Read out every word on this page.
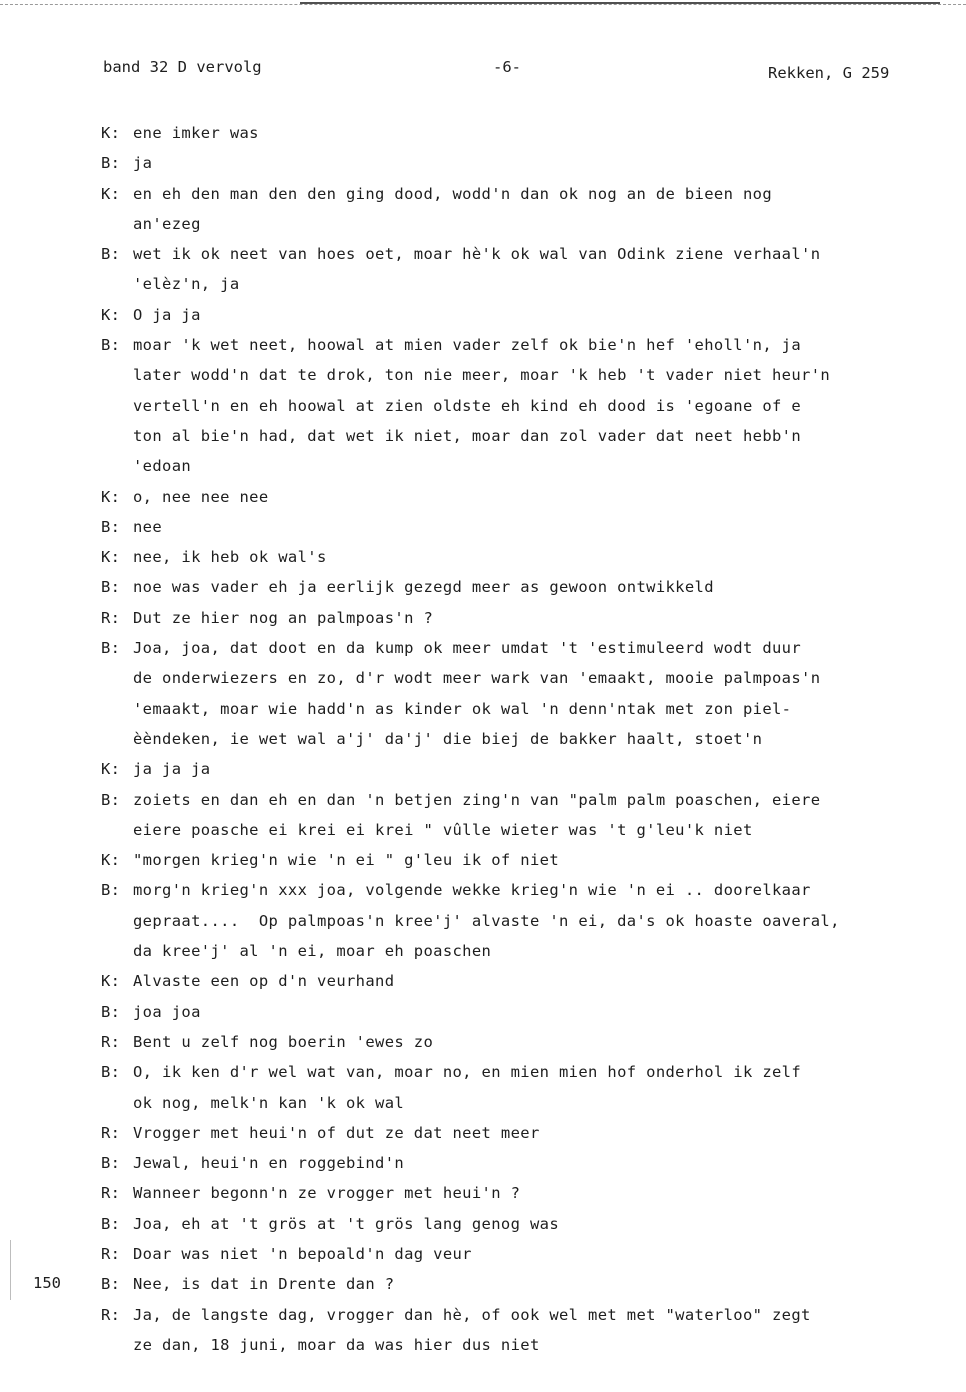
band 32 D vervolg	-6-	Rekken, G 259
150
K: ene imker was
B: ja
K: en eh den man den den ging dood, wodd'n dan ok nog an de bieen nog
an'ezeg
B: wet ik ok neet van hoes oet, moar hè'k ok wal van Odink ziene verhaal'n
'elèz'n, ja
K: O ja ja
B: moar 'k wet neet, hoowal at mien vader zelf ok bie'n hef 'eholl'n, ja
later wodd'n dat te drok, ton nie meer, moar 'k heb 't vader niet heur'n
vertell'n en eh hoowal at zien oldste eh kind eh dood is 'egoane of e
ton al bie'n had, dat wet ik niet, moar dan zol vader dat neet hebb'n
'edoan
K: o, nee nee nee
B: nee
K: nee, ik heb ok wal's
B: noe was vader eh ja eerlijk gezegd meer as gewoon ontwikkeld
R: Dut ze hier nog an palmpoas'n ?
B: Joa, joa, dat doot en da kump ok meer umdat 't 'estimuleerd wodt duur
de onderwiezers en zo, d'r wodt meer wark van 'emaakt, mooie palmpoas'n
'emaakt, moar wie hadd'n as kinder ok wal 'n denn'ntak met zon piel-
èèndeken, ie wet wal a'j' da'j' die biej de bakker haalt, stoet'n
K: ja ja ja
B: zoiets en dan eh en dan 'n betjen zing'n van "palm palm poaschen, eiere
eiere poasche ei krei ei krei " vûlle wieter was 't g'leu'k niet
K: "morgen krieg'n wie 'n ei " g'leu ik of niet
B: morg'n krieg'n xxx joa, volgende wekke krieg'n wie 'n ei .. doorelkaar
gepraat....  Op palmpoas'n kree'j' alvaste 'n ei, da's ok hoaste oaveral,
da kree'j' al 'n ei, moar eh poaschen
K: Alvaste een op d'n veurhand
B: joa joa
R: Bent u zelf nog boerin 'ewes zo
B: O, ik ken d'r wel wat van, moar no, en mien mien hof onderhol ik zelf
ok nog, melk'n kan 'k ok wal
R: Vrogger met heui'n of dut ze dat neet meer
B: Jewal, heui'n en roggebind'n
R: Wanneer begonn'n ze vrogger met heui'n ?
B: Joa, eh at 't grös at 't grös lang genog was
R: Doar was niet 'n bepoald'n dag veur
B: Nee, is dat in Drente dan ?
R: Ja, de langste dag, vrogger dan hè, of ook wel met met "waterloo" zegt
ze dan, 18 juni, moar da was hier dus niet
